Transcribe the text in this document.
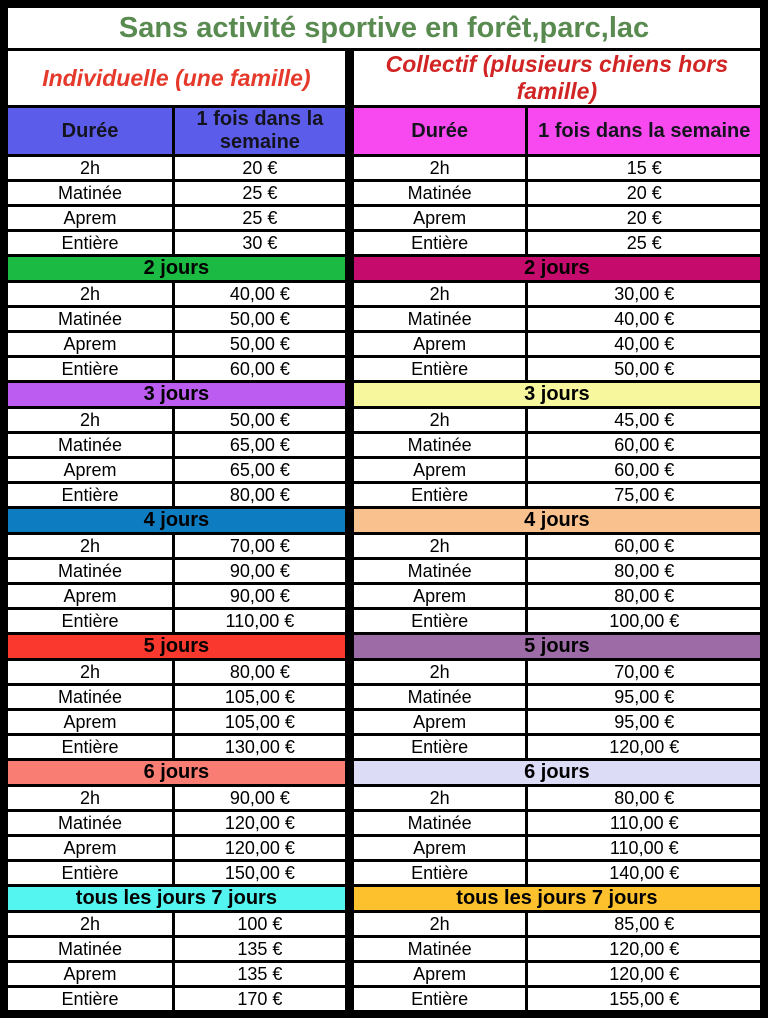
Sans activité sportive en forêt,parc,lac			
Individuelle (une famille)		Collectif (plusieurs chiens hors famille)	
Durée	1 fois dans la semaine	Durée	1 fois dans la semaine
2h	20 €	2h	15 €
Matinée	25 €	Matinée	20 €
Aprem	25 €	Aprem	20 €
Entière	30 €	Entière	25 €
2 jours		2 jours	
2h	40,00 €	2h	30,00 €
Matinée	50,00 €	Matinée	40,00 €
Aprem	50,00 €	Aprem	40,00 €
Entière	60,00 €	Entière	50,00 €
3 jours		3 jours	
2h	50,00 €	2h	45,00 €
Matinée	65,00 €	Matinée	60,00 €
Aprem	65,00 €	Aprem	60,00 €
Entière	80,00 €	Entière	75,00 €
4 jours		4 jours	
2h	70,00 €	2h	60,00 €
Matinée	90,00 €	Matinée	80,00 €
Aprem	90,00 €	Aprem	80,00 €
Entière	110,00 €	Entière	100,00 €
5 jours		5 jours	
2h	80,00 €	2h	70,00 €
Matinée	105,00 €	Matinée	95,00 €
Aprem	105,00 €	Aprem	95,00 €
Entière	130,00 €	Entière	120,00 €
6 jours		6 jours	
2h	90,00 €	2h	80,00 €
Matinée	120,00 €	Matinée	110,00 €
Aprem	120,00 €	Aprem	110,00 €
Entière	150,00 €	Entière	140,00 €
tous les jours 7 jours		tous les jours 7 jours	
2h	100 €	2h	85,00 €
Matinée	135 €	Matinée	120,00 €
Aprem	135 €	Aprem	120,00 €
Entière	170 €	Entière	155,00 €
